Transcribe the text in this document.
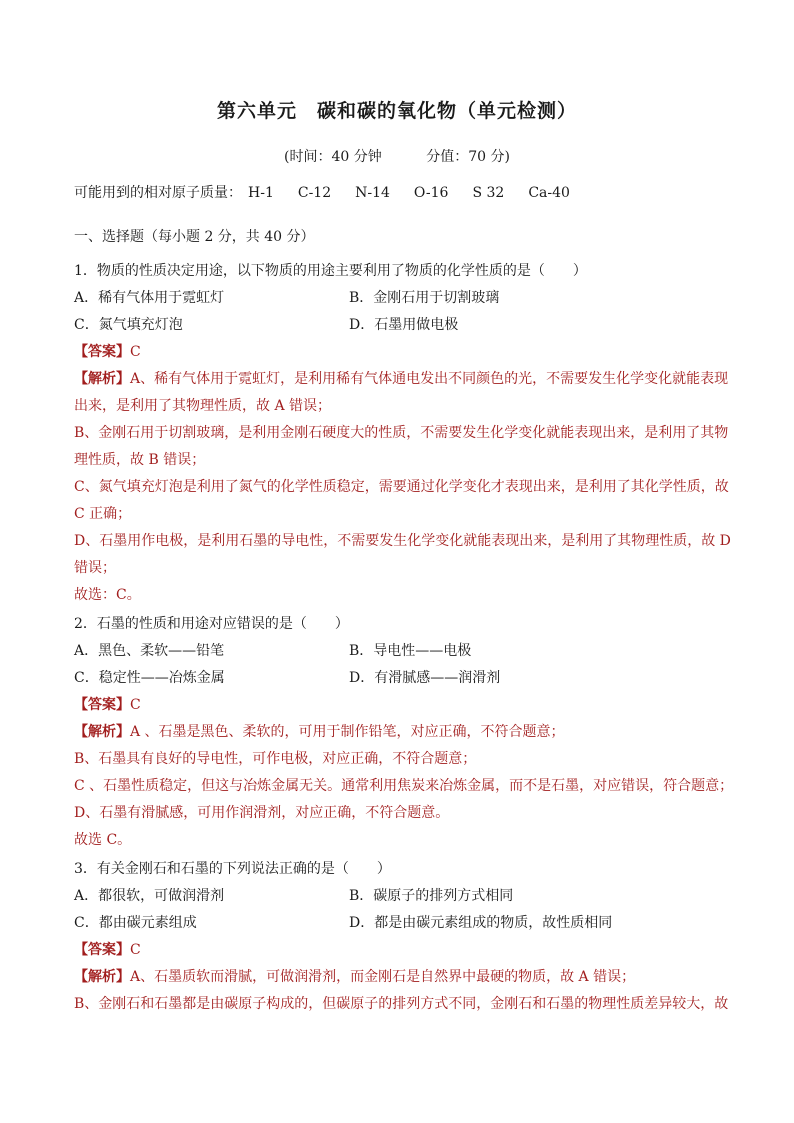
第六单元　碳和碳的氧化物（单元检测）
(时间：40 分钟	分值：70 分)
可能用到的相对原子质量： H-1 C-12 N-14 O-16 S 32 Ca-40
一、选择题（每小题 2 分，共 40 分）
1．物质的性质决定用途，以下物质的用途主要利用了物质的化学性质的是（　　）
A．稀有气体用于霓虹灯	B．金刚石用于切割玻璃
C．氮气填充灯泡	D．石墨用做电极
【答案】C
【解析】A、稀有气体用于霓虹灯，是利用稀有气体通电发出不同颜色的光，不需要发生化学变化就能表现
出来，是利用了其物理性质，故 A 错误；
B、金刚石用于切割玻璃，是利用金刚石硬度大的性质，不需要发生化学变化就能表现出来，是利用了其物
理性质，故 B 错误；
C、氮气填充灯泡是利用了氮气的化学性质稳定，需要通过化学变化才表现出来，是利用了其化学性质，故
C 正确；
D、石墨用作电极，是利用石墨的导电性，不需要发生化学变化就能表现出来，是利用了其物理性质，故 D
错误；
故选：C。
2．石墨的性质和用途对应错误的是（　　）
A．黑色、柔软——铅笔	B．导电性——电极
C．稳定性——冶炼金属	D．有滑腻感——润滑剂
【答案】C
【解析】A 、石墨是黑色、柔软的，可用于制作铅笔，对应正确，不符合题意；
B、石墨具有良好的导电性，可作电极，对应正确，不符合题意；
C 、石墨性质稳定，但这与冶炼金属无关。通常利用焦炭来冶炼金属，而不是石墨，对应错误，符合题意；
D、石墨有滑腻感，可用作润滑剂，对应正确，不符合题意。
故选 C。
3．有关金刚石和石墨的下列说法正确的是（　　）
A．都很软，可做润滑剂	B．碳原子的排列方式相同
C．都由碳元素组成	D．都是由碳元素组成的物质，故性质相同
【答案】C
【解析】A、石墨质软而滑腻，可做润滑剂，而金刚石是自然界中最硬的物质，故 A 错误；
B、金刚石和石墨都是由碳原子构成的，但碳原子的排列方式不同，金刚石和石墨的物理性质差异较大，故
